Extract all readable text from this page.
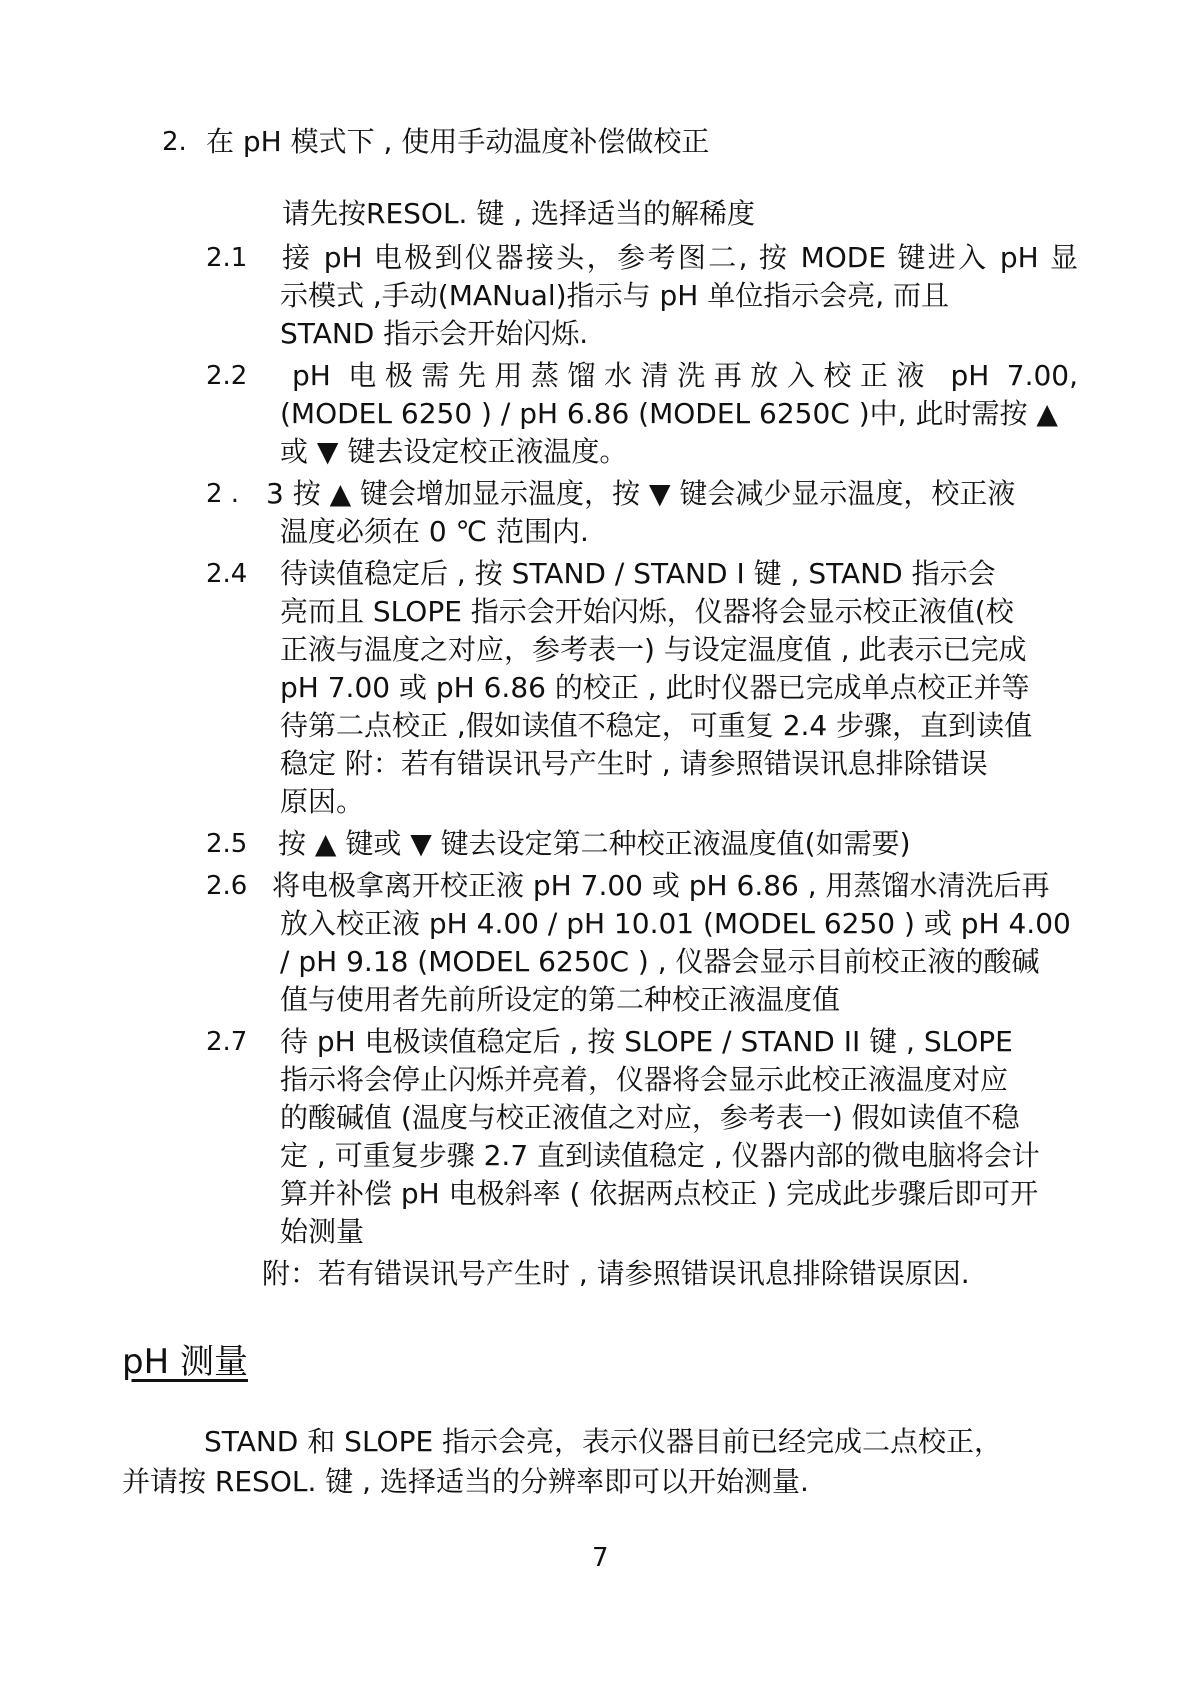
2. 在 pH 模式下 , 使用手动温度补偿做校正
请先按RESOL. 键 , 选择适当的解稀度
2.1 接 pH 电极到仪器接头，参考图二, 按 MODE 键进入 pH 显
示模式 ,手动(MANual)指示与 pH 单位指示会亮, 而且
STAND 指示会开始闪烁.
2.2 pH 电极需先用蒸馏水清洗再放入校正液 pH 7.00,
(MODEL 6250 ) ∕ pH 6.86 (MODEL 6250C )中, 此时需按 ▲
或 ▼ 键去设定校正液温度。
2 . 3 按 ▲ 键会增加显示温度，按 ▼ 键会减少显示温度，校正液
温度必须在 0 ℃ 范围内.
2.4 待读值稳定后 , 按 STAND ∕ STAND I 键 , STAND 指示会
亮而且 SLOPE 指示会开始闪烁，仪器将会显示校正液值(校
正液与温度之对应，参考表一) 与设定温度值 , 此表示已完成
pH 7.00 或 pH 6.86 的校正 , 此时仪器已完成单点校正并等
待第二点校正 ,假如读值不稳定，可重复 2.4 步骤，直到读值
稳定 附：若有错误讯号产生时 , 请参照错误讯息排除错误
原因。
2.5 按 ▲ 键或 ▼ 键去设定第二种校正液温度值(如需要)
2.6 将电极拿离开校正液 pH 7.00 或 pH 6.86 , 用蒸馏水清洗后再
放入校正液 pH 4.00 ∕ pH 10.01 (MODEL 6250 ) 或 pH 4.00
∕ pH 9.18 (MODEL 6250C ) , 仪器会显示目前校正液的酸碱
值与使用者先前所设定的第二种校正液温度值
2.7 待 pH 电极读值稳定后 , 按 SLOPE ∕ STAND II 键 , SLOPE
指示将会停止闪烁并亮着，仪器将会显示此校正液温度对应
的酸碱值 (温度与校正液值之对应，参考表一) 假如读值不稳
定 , 可重复步骤 2.7 直到读值稳定 , 仪器内部的微电脑将会计
算并补偿 pH 电极斜率 ( 依据两点校正 ) 完成此步骤后即可开
始测量
附：若有错误讯号产生时 , 请参照错误讯息排除错误原因.
pH 测量
STAND 和 SLOPE 指示会亮，表示仪器目前已经完成二点校正，
并请按 RESOL. 键 , 选择适当的分辨率即可以开始测量.
7
